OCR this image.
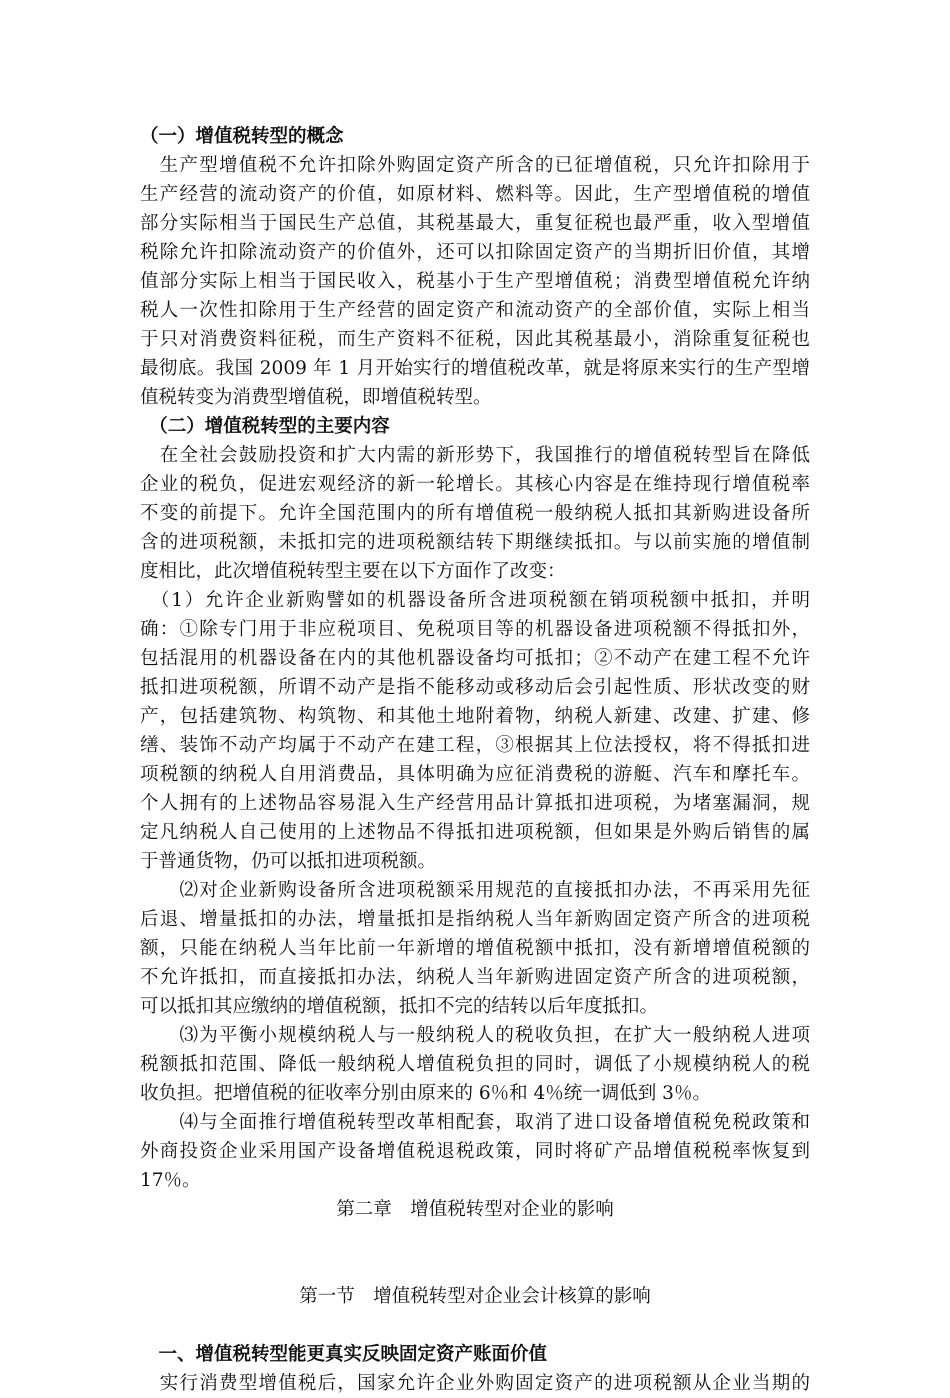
（一）增值税转型的概念
　生产型增值税不允许扣除外购固定资产所含的已征增值税，只允许扣除用于
生产经营的流动资产的价值，如原材料、燃料等。因此，生产型增值税的增值
部分实际相当于国民生产总值，其税基最大，重复征税也最严重，收入型增值
税除允许扣除流动资产的价值外，还可以扣除固定资产的当期折旧价值，其增
值部分实际上相当于国民收入，税基小于生产型增值税；消费型增值税允许纳
税人一次性扣除用于生产经营的固定资产和流动资产的全部价值，实际上相当
于只对消费资料征税，而生产资料不征税，因此其税基最小，消除重复征税也
最彻底。我国 2009 年 1 月开始实行的增值税改革，就是将原来实行的生产型增
值税转变为消费型增值税，即增值税转型。
　（二）增值税转型的主要内容
　在全社会鼓励投资和扩大内需的新形势下，我国推行的增值税转型旨在降低
企业的税负，促进宏观经济的新一轮增长。其核心内容是在维持现行增值税率
不变的前提下。允许全国范围内的所有增值税一般纳税人抵扣其新购进设备所
含的进项税额，未抵扣完的进项税额结转下期继续抵扣。与以前实施的增值制
度相比，此次增值税转型主要在以下方面作了改变：
　（1）允许企业新购譬如的机器设备所含进项税额在销项税额中抵扣，并明
确：①除专门用于非应税项目、免税项目等的机器设备进项税额不得抵扣外，
包括混用的机器设备在内的其他机器设备均可抵扣；②不动产在建工程不允许
抵扣进项税额，所谓不动产是指不能移动或移动后会引起性质、形状改变的财
产，包括建筑物、构筑物、和其他土地附着物，纳税人新建、改建、扩建、修
缮、装饰不动产均属于不动产在建工程，③根据其上位法授权，将不得抵扣进
项税额的纳税人自用消费品，具体明确为应征消费税的游艇、汽车和摩托车。
个人拥有的上述物品容易混入生产经营用品计算抵扣进项税，为堵塞漏洞，规
定凡纳税人自己使用的上述物品不得抵扣进项税额，但如果是外购后销售的属
于普通货物，仍可以抵扣进项税额。
　　⑵对企业新购设备所含进项税额采用规范的直接抵扣办法，不再采用先征
后退、增量抵扣的办法，增量抵扣是指纳税人当年新购固定资产所含的进项税
额，只能在纳税人当年比前一年新增的增值税额中抵扣，没有新增增值税额的
不允许抵扣，而直接抵扣办法，纳税人当年新购进固定资产所含的进项税额，
可以抵扣其应缴纳的增值税额，抵扣不完的结转以后年度抵扣。
　　⑶为平衡小规模纳税人与一般纳税人的税收负担，在扩大一般纳税人进项
税额抵扣范围、降低一般纳税人增值税负担的同时，调低了小规模纳税人的税
收负担。把增值税的征收率分别由原来的 6％和 4％统一调低到 3％。
　　⑷与全面推行增值税转型改革相配套，取消了进口设备增值税免税政策和
外商投资企业采用国产设备增值税退税政策，同时将矿产品增值税税率恢复到
17％。
第二章　增值税转型对企业的影响
第一节　增值税转型对企业会计核算的影响
　一、增值税转型能更真实反映固定资产账面价值
　实行消费型增值税后，国家允许企业外购固定资产的进项税额从企业当期的
